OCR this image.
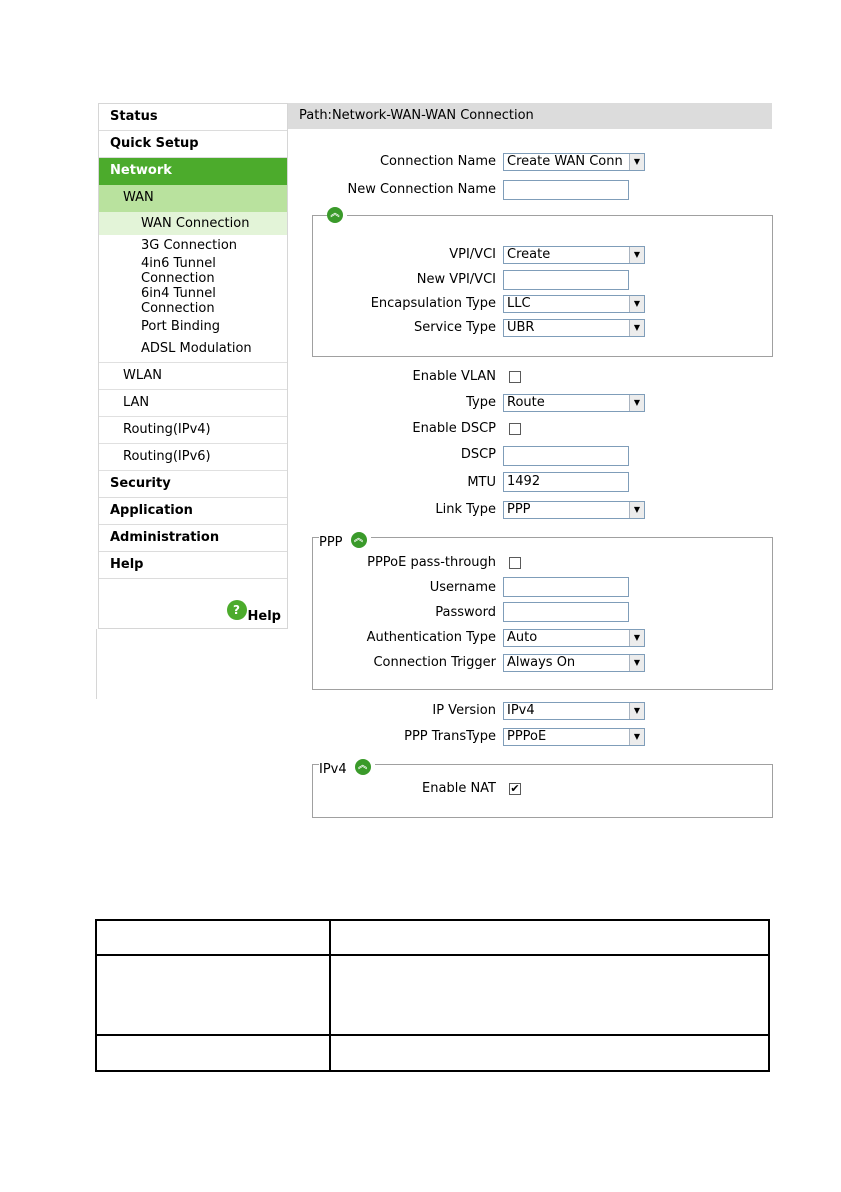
Status
Quick Setup
Network
WAN
WAN Connection
3G Connection
4in6 Tunnel
Connection
6in4 Tunnel
Connection
Port Binding
ADSL Modulation
WLAN
LAN
Routing(IPv4)
Routing(IPv6)
Security
Application
Administration
Help
? Help
Path:Network-WAN-WAN Connection
Connection Name Create WAN Conn	▼
New Connection Name
︽
VPI/VCI Create	▼
New VPI/VCI
Encapsulation Type LLC	▼
Service Type UBR	▼
Enable VLAN
Type Route	▼
Enable DSCP
DSCP
MTU 1492
Link Type PPP	▼
PPP	︽
PPPoE pass-through
Username
Password
Authentication Type Auto	▼
Connection Trigger Always On	▼
IP Version IPv4	▼
PPP TransType PPPoE	▼
IPv4	︽
Enable NAT ✔
